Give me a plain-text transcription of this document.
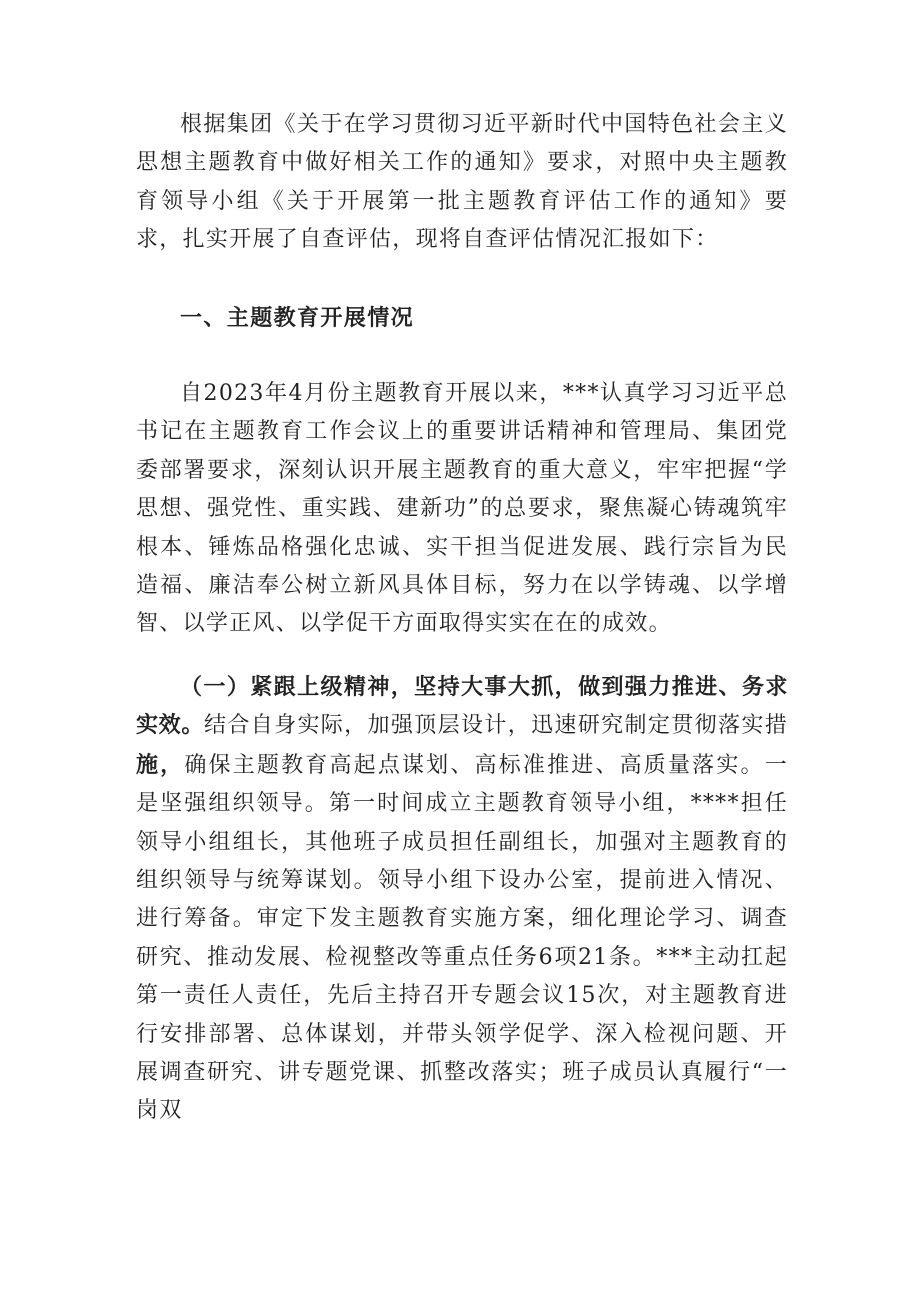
根据集团《关于在学习贯彻习近平新时代中国特色社会主义思想主题教育中做好相关工作的通知》要求，对照中央主题教育领导小组《关于开展第一批主题教育评估工作的通知》要求，扎实开展了自查评估，现将自查评估情况汇报如下：

一、主题教育开展情况

自2023年4月份主题教育开展以来，***认真学习习近平总书记在主题教育工作会议上的重要讲话精神和管理局、集团党委部署要求，深刻认识开展主题教育的重大意义，牢牢把握“学思想、强党性、重实践、建新功”的总要求，聚焦凝心铸魂筑牢根本、锤炼品格强化忠诚、实干担当促进发展、践行宗旨为民造福、廉洁奉公树立新风具体目标，努力在以学铸魂、以学增智、以学正风、以学促干方面取得实实在在的成效。

（一）紧跟上级精神，坚持大事大抓，做到强力推进、务求实效。结合自身实际，加强顶层设计，迅速研究制定贯彻落实措施，确保主题教育高起点谋划、高标准推进、高质量落实。一是坚强组织领导。第一时间成立主题教育领导小组，****担任领导小组组长，其他班子成员担任副组长，加强对主题教育的组织领导与统筹谋划。领导小组下设办公室，提前进入情况、进行筹备。审定下发主题教育实施方案，细化理论学习、调查研究、推动发展、检视整改等重点任务6项21条。***主动扛起第一责任人责任，先后主持召开专题会议15次，对主题教育进行安排部署、总体谋划，并带头领学促学、深入检视问题、开展调查研究、讲专题党课、抓整改落实；班子成员认真履行“一岗双
